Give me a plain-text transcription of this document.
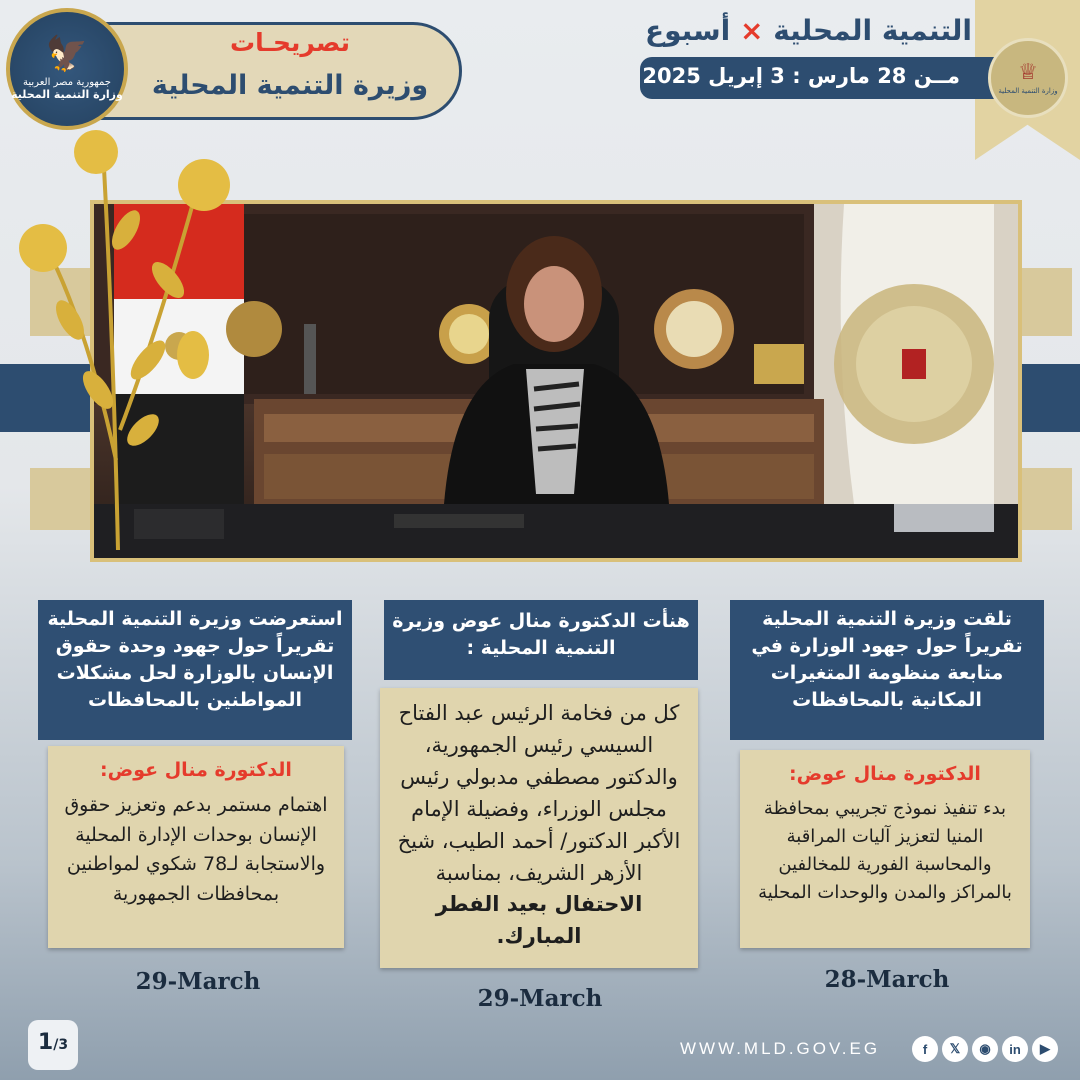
تصريحـات
وزيرة التنمية المحلية
🦅
جمهورية مصر العربية
وزارة التنمية المحلية
التنمية المحلية × أسبوع
مــن 28 مارس : 3 إبريل 2025	♕
وزارة التنمية المحلية
استعرضت وزيرة التنمية المحلية تقريراً حول جهود وحدة حقوق الإنسان بالوزارة لحل مشكلات المواطنين بالمحافظات
الدكتورة منال عوض:
اهتمام مستمر بدعم وتعزيز حقوق الإنسان بوحدات الإدارة المحلية والاستجابة لـ78 شكوي لمواطنين بمحافظات الجمهورية
29-March
هنأت الدكتورة منال عوض وزيرة التنمية المحلية :
كل من فخامة الرئيس عبد الفتاح السيسي رئيس الجمهورية، والدكتور مصطفي مدبولي رئيس مجلس الوزراء، وفضيلة الإمام الأكبر الدكتور/ أحمد الطيب، شيخ الأزهر الشريف، بمناسبة الاحتفال بعيد الفطر المبارك.
29-March
تلقت وزيرة التنمية المحلية تقريراً حول جهود الوزارة في متابعة منظومة المتغيرات المكانية بالمحافظات
الدكتورة منال عوض:
بدء تنفيذ نموذج تجريبي بمحافظة المنيا لتعزيز آليات المراقبة والمحاسبة الفورية للمخالفين بالمراكز والمدن والوحدات المحلية
28-March
1/3	WWW.MLD.GOV.EG	f	𝕏	◉	in	▶
